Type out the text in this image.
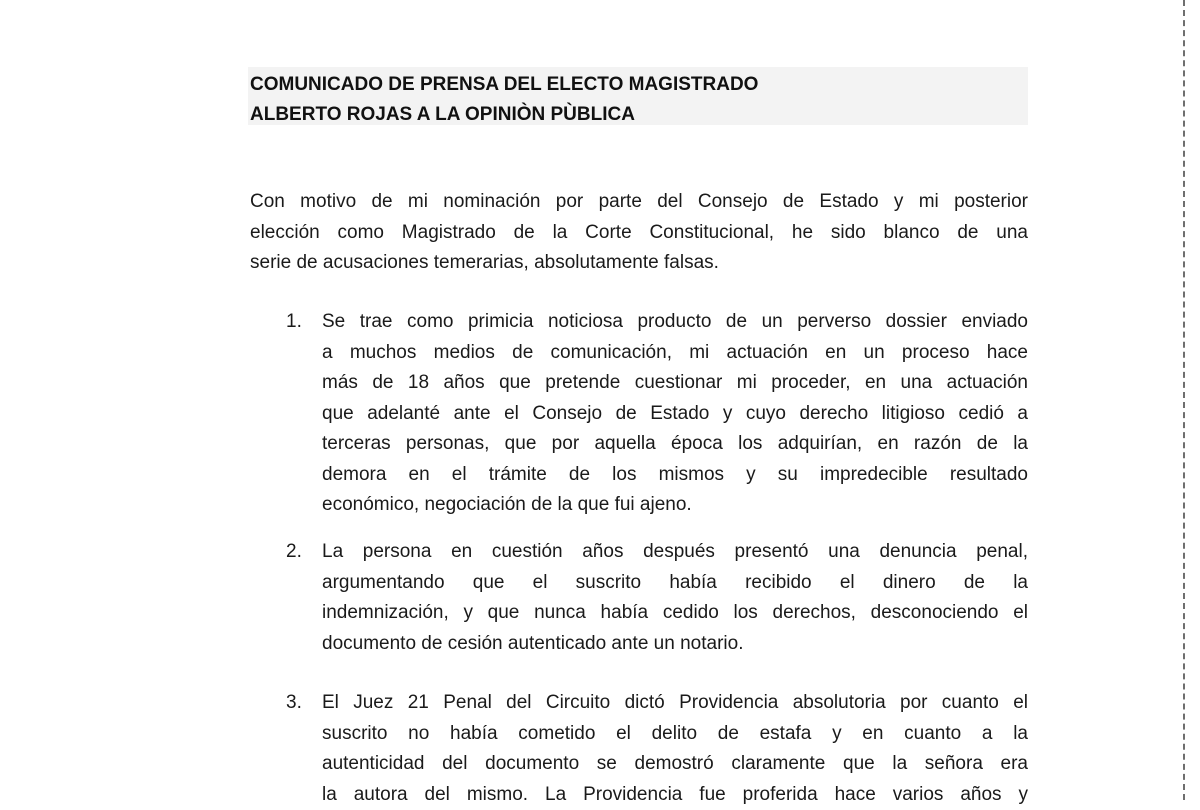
COMUNICADO DE PRENSA DEL ELECTO MAGISTRADO
ALBERTO ROJAS A LA OPINIÒN PÙBLICA
Con motivo de mi nominación por parte del Consejo de Estado y mi posterior
elección como Magistrado de la Corte Constitucional, he sido blanco de una
serie de acusaciones temerarias, absolutamente falsas.
1.	Se trae como primicia noticiosa producto de un perverso dossier enviado
a muchos medios de comunicación, mi actuación en un proceso hace
más de 18 años que pretende cuestionar mi proceder, en una actuación
que adelanté ante el Consejo de Estado y cuyo derecho litigioso cedió a
terceras personas, que por aquella época los adquirían, en razón de la
demora en el trámite de los mismos y su impredecible resultado
económico, negociación de la que fui ajeno.
2.	La persona en cuestión años después presentó una denuncia penal,
argumentando que el suscrito había recibido el dinero de la
indemnización, y que nunca había cedido los derechos, desconociendo el
documento de cesión autenticado ante un notario.
3.	El Juez 21 Penal del Circuito dictó Providencia absolutoria por cuanto el
suscrito no había cometido el delito de estafa y en cuanto a la
autenticidad del documento se demostró claramente que la señora era
la autora del mismo. La Providencia fue proferida hace varios años y
